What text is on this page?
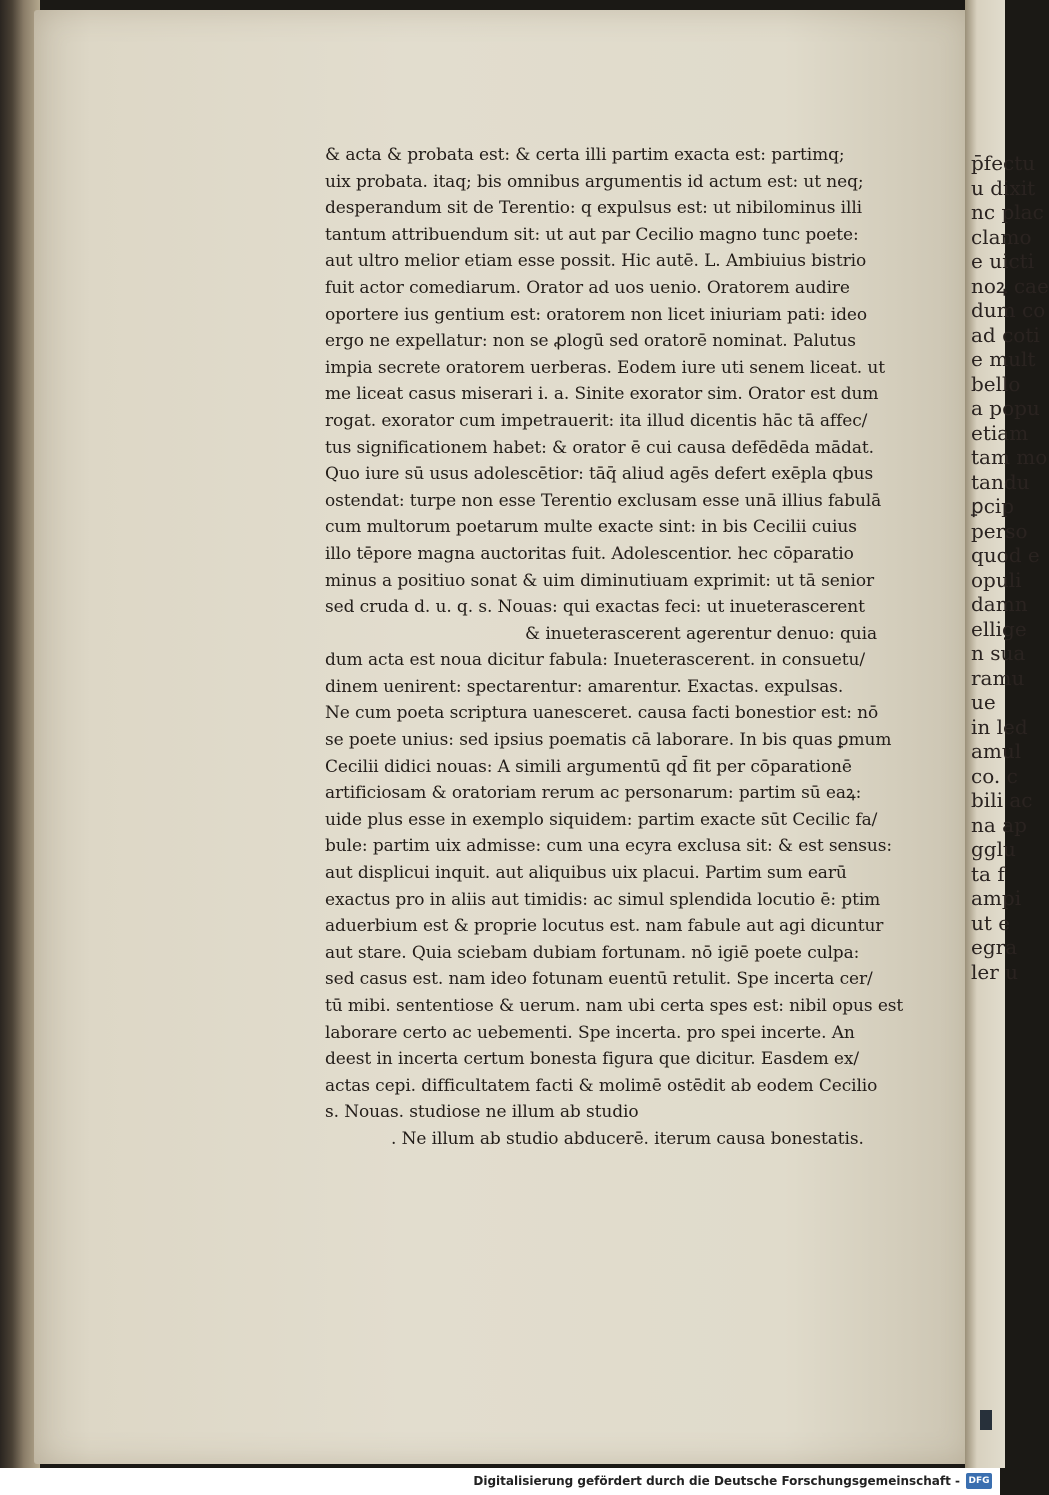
& acta & probata est: & certa illi partim exacta est: partimq;
uix probata. itaq; bis omnibus argumentis id actum est: ut neq;
desperandum sit de Terentio: q expulsus est: ut nibilominus illi
tantum attribuendum sit: ut aut par Cecilio magno tunc poete:
aut ultro melior etiam esse possit. Hic autē. L. Ambiuius bistrio
fuit actor comediarum. Orator ad uos uenio. Oratorem audire
oportere ius gentium est: oratorem non licet iniuriam pati: ideo
ergo ne expellatur: non se ꝓlogū sed oratorē nominat. Palutus
impia secrete oratorem uerberas. Eodem iure uti senem liceat. ut
me liceat casus miserari i. a. Sinite exorator sim. Orator est dum
rogat. exorator cum impetrauerit: ita illud dicentis hāc tā affec/
tus significationem habet: & orator ē cui causa defēdēda mādat.
Quo iure sū usus adolescētior: tāq̄ aliud agēs defert exēpla qbus
ostendat: turpe non esse Terentio exclusam esse unā illius fabulā
cum multorum poetarum multe exacte sint: in bis Cecilii cuius
illo tēpore magna auctoritas fuit. Adolescentior. hec cōparatio
minus a positiuo sonat & uim diminutiuam exprimit: ut tā senior
sed cruda d. u. q. s. Nouas: qui exactas feci: ut inueterascerent
& inueterascerent agerentur denuo: quia
dum acta est noua dicitur fabula: Inueterascerent. in consuetu/
dinem uenirent: spectarentur: amarentur. Exactas. expulsas.
Ne cum poeta scriptura uanesceret. causa facti bonestior est: nō
se poete unius: sed ipsius poematis cā laborare. In bis quas ꝑmum
Cecilii didici nouas: A simili argumentū qd̄ fit per cōparationē
artificiosam & oratoriam rerum ac personarum: partim sū eaꝝ:
uide plus esse in exemplo siquidem: partim exacte sūt Cecilic fa/
bule: partim uix admisse: cum una ecyra exclusa sit: & est sensus:
aut displicui inquit. aut aliquibus uix placui. Partim sum earū
exactus pro in aliis aut timidis: ac simul splendida locutio ē: ptim
aduerbium est & proprie locutus est. nam fabule aut agi dicuntur
aut stare. Quia sciebam dubiam fortunam. nō igiē poete culpa:
sed casus est. nam ideo fotunam euentū retulit. Spe incerta cer/
tū mibi. sententiose & uerum. nam ubi certa spes est: nibil opus est
laborare certo ac uebementi. Spe incerta. pro spei incerte. An
deest in incerta certum bonesta figura que dicitur. Easdem ex/
actas cepi. difficultatem facti & molimē ostēdit ab eodem Cecilio
s. Nouas. studiose ne illum ab studio
. Ne illum ab studio abducerē. iterum causa bonestatis.
p̄fectu
u dixit
nc plac
clamo
e uicti
noꝝ cae
dum co
ad coti
e mult
bello
a popu
etiam
tam mo
tandu
ꝑcip
perso
quod e
opuli
damn
ellige
n sua
ramu
ue
in led
amul
co. c
bili ac
na ap
gglu
ta f
ampi
ut e
egra
ler u
Digitalisierung gefördert durch die Deutsche Forschungsgemeinschaft - DFG
